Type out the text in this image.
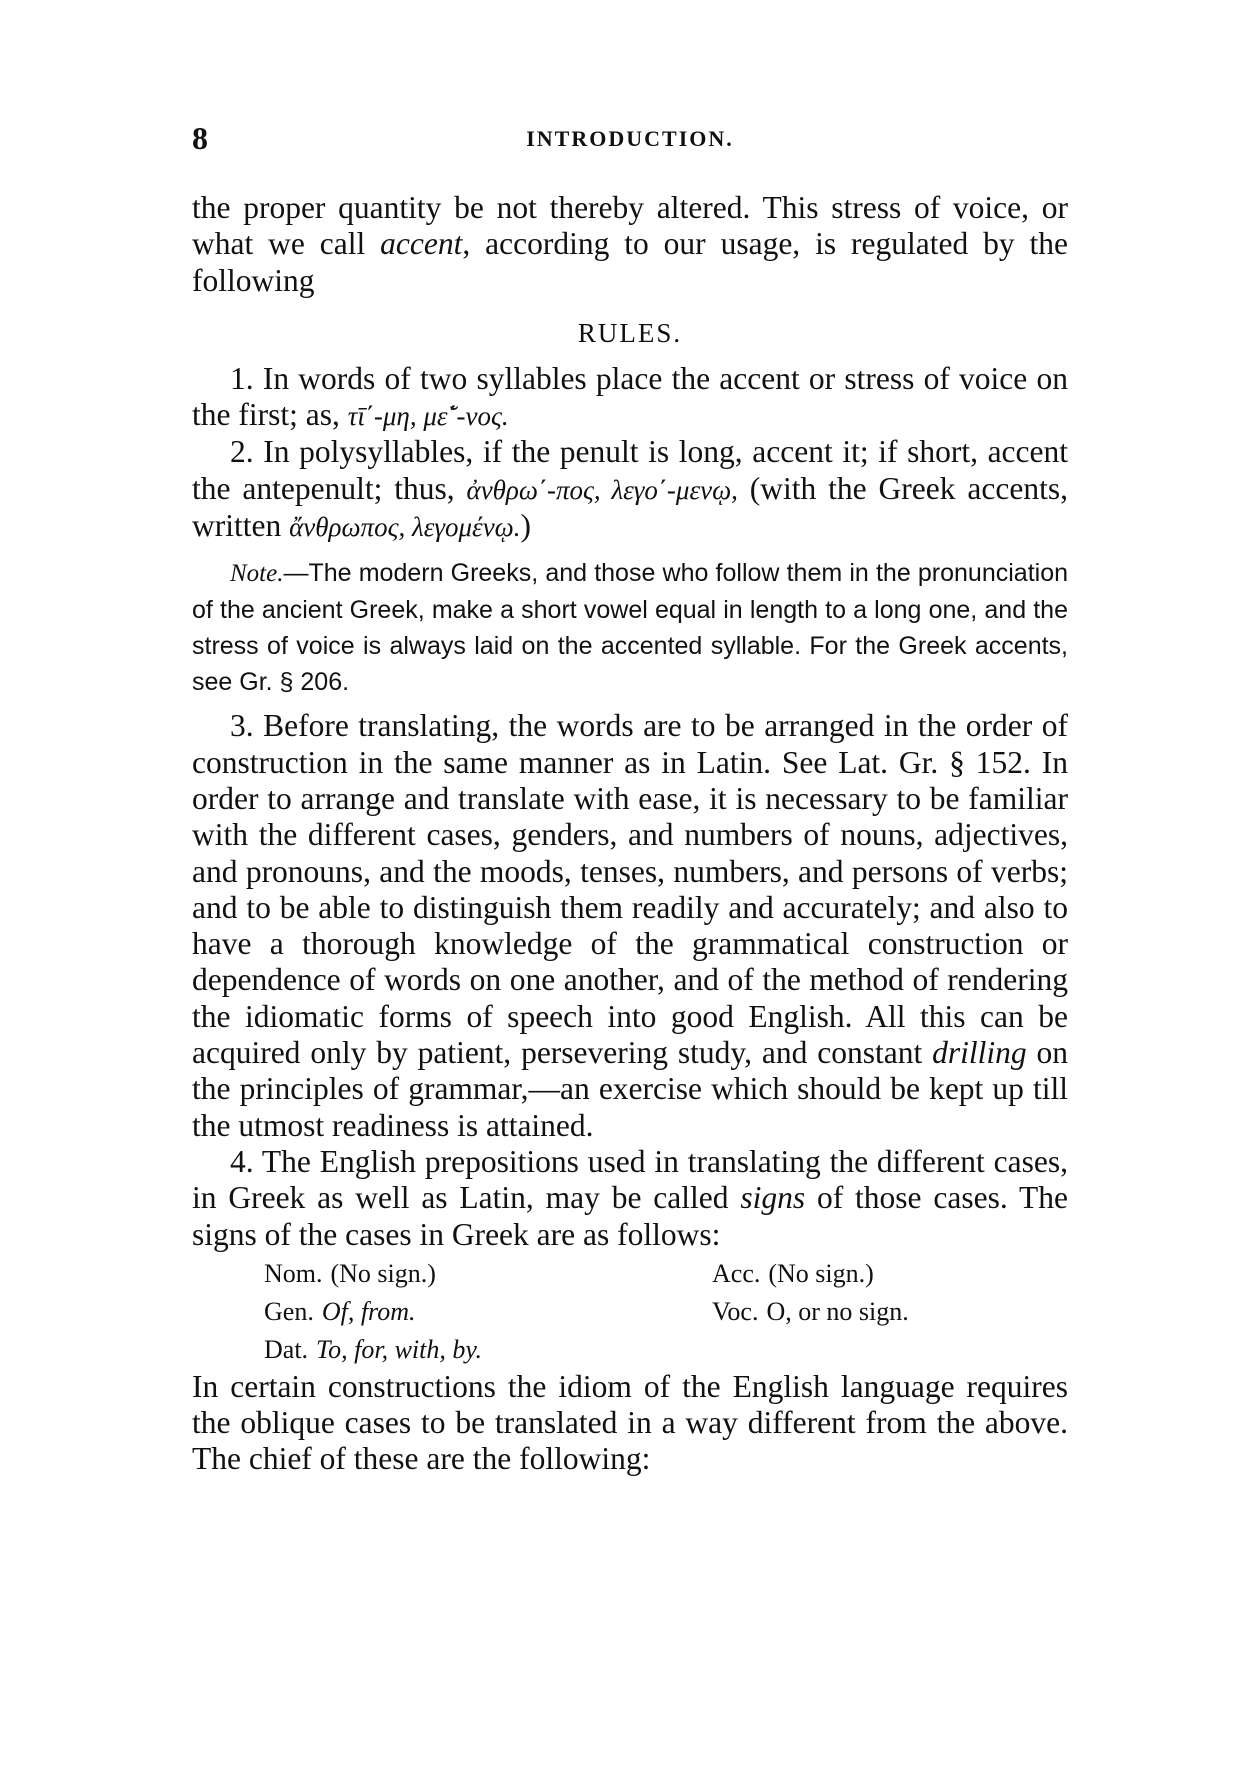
8	INTRODUCTION.

the proper quantity be not thereby altered. This stress of voice, or what we call accent, according to our usage, is regulated by the following

RULES.

1. In words of two syllables place the accent or stress of voice on the first; as, τῑ΄-μη, με̆΄-νος.

2. In polysyllables, if the penult is long, accent it; if short, accent the antepenult; thus, ἀνθρω΄-πος, λεγο΄-μενῳ, (with the Greek accents, written ἄνθρωπος, λεγομένῳ.)

Note.—The modern Greeks, and those who follow them in the pronunciation of the ancient Greek, make a short vowel equal in length to a long one, and the stress of voice is always laid on the accented syllable. For the Greek accents, see Gr. § 206.

3. Before translating, the words are to be arranged in the order of construction in the same manner as in Latin. See Lat. Gr. § 152. In order to arrange and translate with ease, it is necessary to be familiar with the different cases, genders, and numbers of nouns, adjectives, and pronouns, and the moods, tenses, numbers, and persons of verbs; and to be able to distinguish them readily and accurately; and also to have a thorough knowledge of the grammatical construction or dependence of words on one another, and of the method of rendering the idiomatic forms of speech into good English. All this can be acquired only by patient, persevering study, and constant drilling on the principles of grammar,—an exercise which should be kept up till the utmost readiness is attained.

4. The English prepositions used in translating the different cases, in Greek as well as Latin, may be called signs of those cases. The signs of the cases in Greek are as follows:

Nom. (No sign.)	Acc. (No sign.)
Gen. Of, from.	Voc. O, or no sign.
Dat. To, for, with, by.

In certain constructions the idiom of the English language requires the oblique cases to be translated in a way different from the above. The chief of these are the following:
